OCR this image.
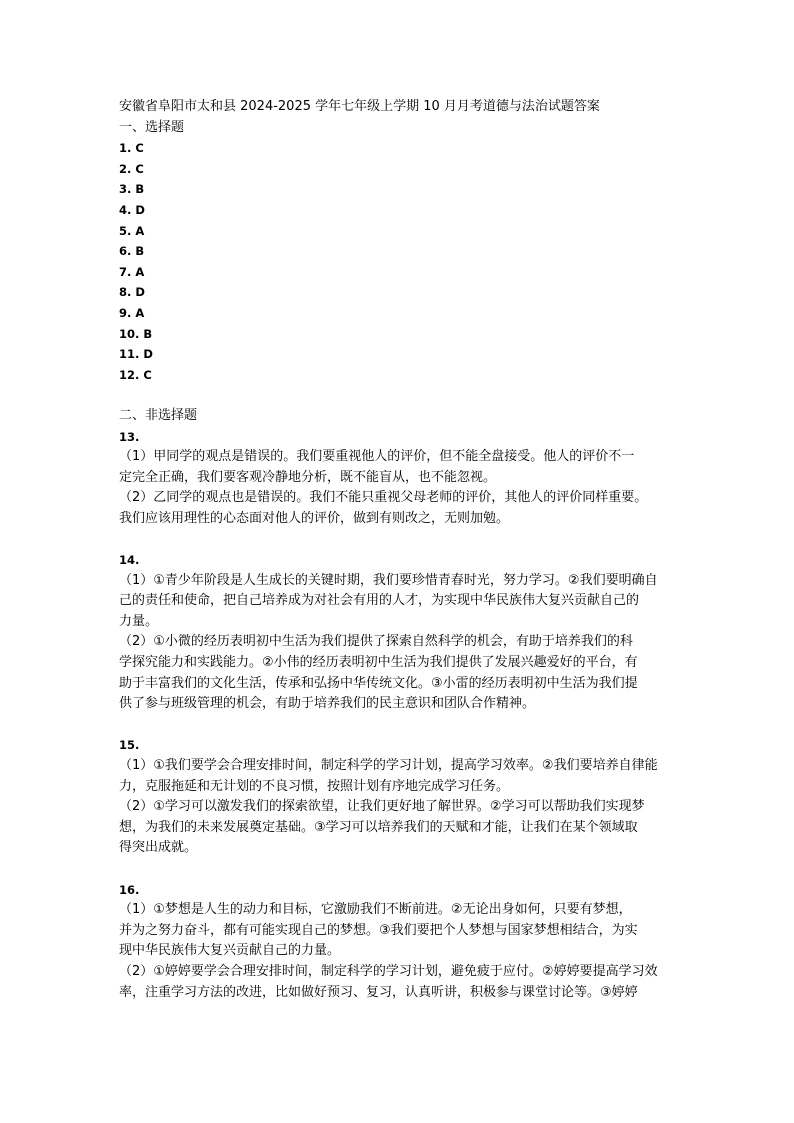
安徽省阜阳市太和县 2024-2025 学年七年级上学期 10 月月考道德与法治试题答案
一、选择题
1. C
2. C
3. B
4. D
5. A
6. B
7. A
8. D
9. A
10. B
11. D
12. C
二、非选择题
13.
（1）甲同学的观点是错误的。我们要重视他人的评价，但不能全盘接受。他人的评价不一
定完全正确，我们要客观冷静地分析，既不能盲从，也不能忽视。
（2）乙同学的观点也是错误的。我们不能只重视父母老师的评价，其他人的评价同样重要。
我们应该用理性的心态面对他人的评价，做到有则改之，无则加勉。
14.
（1）①青少年阶段是人生成长的关键时期，我们要珍惜青春时光，努力学习。②我们要明确自
己的责任和使命，把自己培养成为对社会有用的人才，为实现中华民族伟大复兴贡献自己的
力量。
（2）①小微的经历表明初中生活为我们提供了探索自然科学的机会，有助于培养我们的科
学探究能力和实践能力。②小伟的经历表明初中生活为我们提供了发展兴趣爱好的平台，有
助于丰富我们的文化生活，传承和弘扬中华传统文化。③小雷的经历表明初中生活为我们提
供了参与班级管理的机会，有助于培养我们的民主意识和团队合作精神。
15.
（1）①我们要学会合理安排时间，制定科学的学习计划，提高学习效率。②我们要培养自律能
力，克服拖延和无计划的不良习惯，按照计划有序地完成学习任务。
（2）①学习可以激发我们的探索欲望，让我们更好地了解世界。②学习可以帮助我们实现梦
想，为我们的未来发展奠定基础。③学习可以培养我们的天赋和才能，让我们在某个领域取
得突出成就。
16.
（1）①梦想是人生的动力和目标，它激励我们不断前进。②无论出身如何，只要有梦想，
并为之努力奋斗，都有可能实现自己的梦想。③我们要把个人梦想与国家梦想相结合，为实
现中华民族伟大复兴贡献自己的力量。
（2）①婷婷要学会合理安排时间，制定科学的学习计划，避免疲于应付。②婷婷要提高学习效
率，注重学习方法的改进，比如做好预习、复习，认真听讲，积极参与课堂讨论等。③婷婷
